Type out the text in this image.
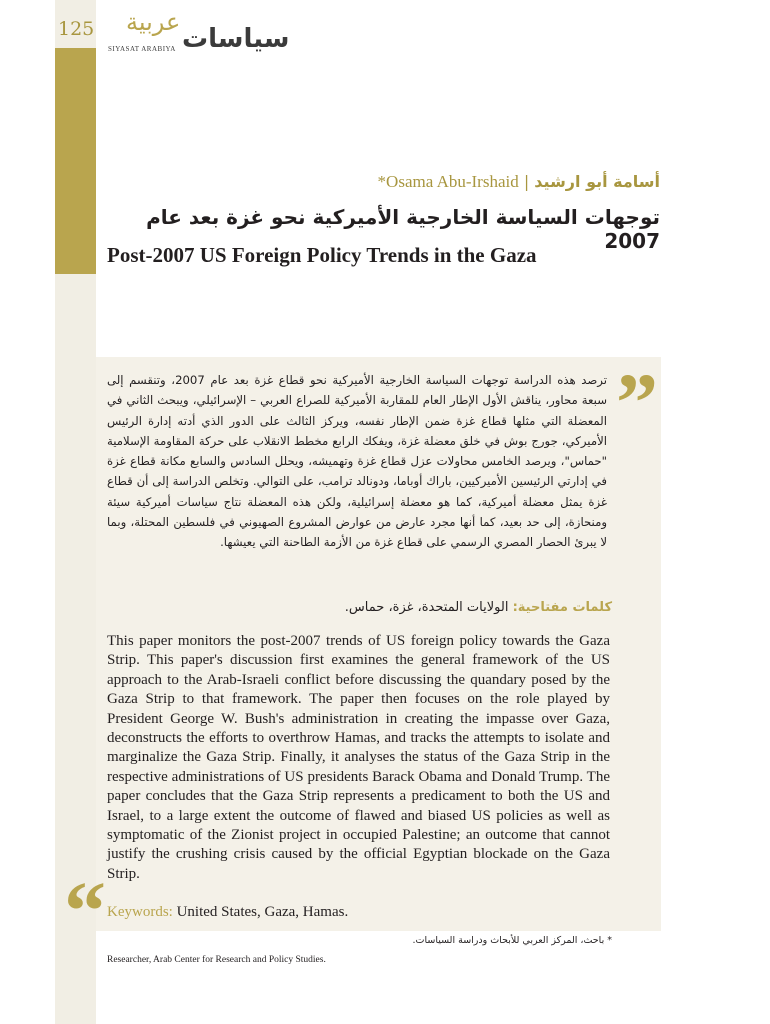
125 عربية
سياسات
SIYASAT ARABIYA
*Osama Abu-Irshaid | أسامة أبو ارشيد
توجهات السياسة الخارجية الأميركية نحو غزة بعد عام 2007
Post-2007 US Foreign Policy Trends in the Gaza
”
“

ترصد هذه الدراسة توجهات السياسة الخارجية الأميركية نحو قطاع غزة بعد عام 2007، وتنقسم إلى سبعة محاور، يناقش الأول الإطار العام للمقاربة الأميركية للصراع العربي – الإسرائيلي، ويبحث الثاني في المعضلة التي مثلها قطاع غزة ضمن الإطار نفسه، ويركز الثالث على الدور الذي أدته إدارة الرئيس الأميركي، جورج بوش في خلق معضلة غزة، ويفكك الرابع مخطط الانقلاب على حركة المقاومة الإسلامية "حماس"، ويرصد الخامس محاولات عزل قطاع غزة وتهميشه، ويحلل السادس والسابع مكانة قطاع غزة في إدارتي الرئيسين الأميركيين، باراك أوباما، ودونالد ترامب، على التوالي. وتخلص الدراسة إلى أن قطاع غزة يمثل معضلة أميركية، كما هو معضلة إسرائيلية، ولكن هذه المعضلة نتاج سياسات أميركية سيئة ومنحازة، إلى حد بعيد، كما أنها مجرد عارض من عوارض المشروع الصهيوني في فلسطين المحتلة، وبما لا يبرئ الحصار المصري الرسمي على قطاع غزة من الأزمة الطاحنة التي يعيشها.

كلمات مفتاحية: الولايات المتحدة، غزة، حماس.

This paper monitors the post-2007 trends of US foreign policy towards the Gaza Strip. This paper's discussion first examines the general framework of the US approach to the Arab-Israeli conflict before discussing the quandary posed by the Gaza Strip to that framework. The paper then focuses on the role played by President George W. Bush's administration in creating the impasse over Gaza, deconstructs the efforts to overthrow Hamas, and tracks the attempts to isolate and marginalize the Gaza Strip. Finally, it analyses the status of the Gaza Strip in the respective administrations of US presidents Barack Obama and Donald Trump. The paper concludes that the Gaza Strip represents a predicament to both the US and Israel, to a large extent the outcome of flawed and biased US policies as well as symptomatic of the Zionist project in occupied Palestine; an outcome that cannot justify the crushing crisis caused by the official Egyptian blockade on the Gaza Strip.

Keywords: United States, Gaza, Hamas.

* باحث، المركز العربي للأبحاث ودراسة السياسات.
Researcher, Arab Center for Research and Policy Studies.
